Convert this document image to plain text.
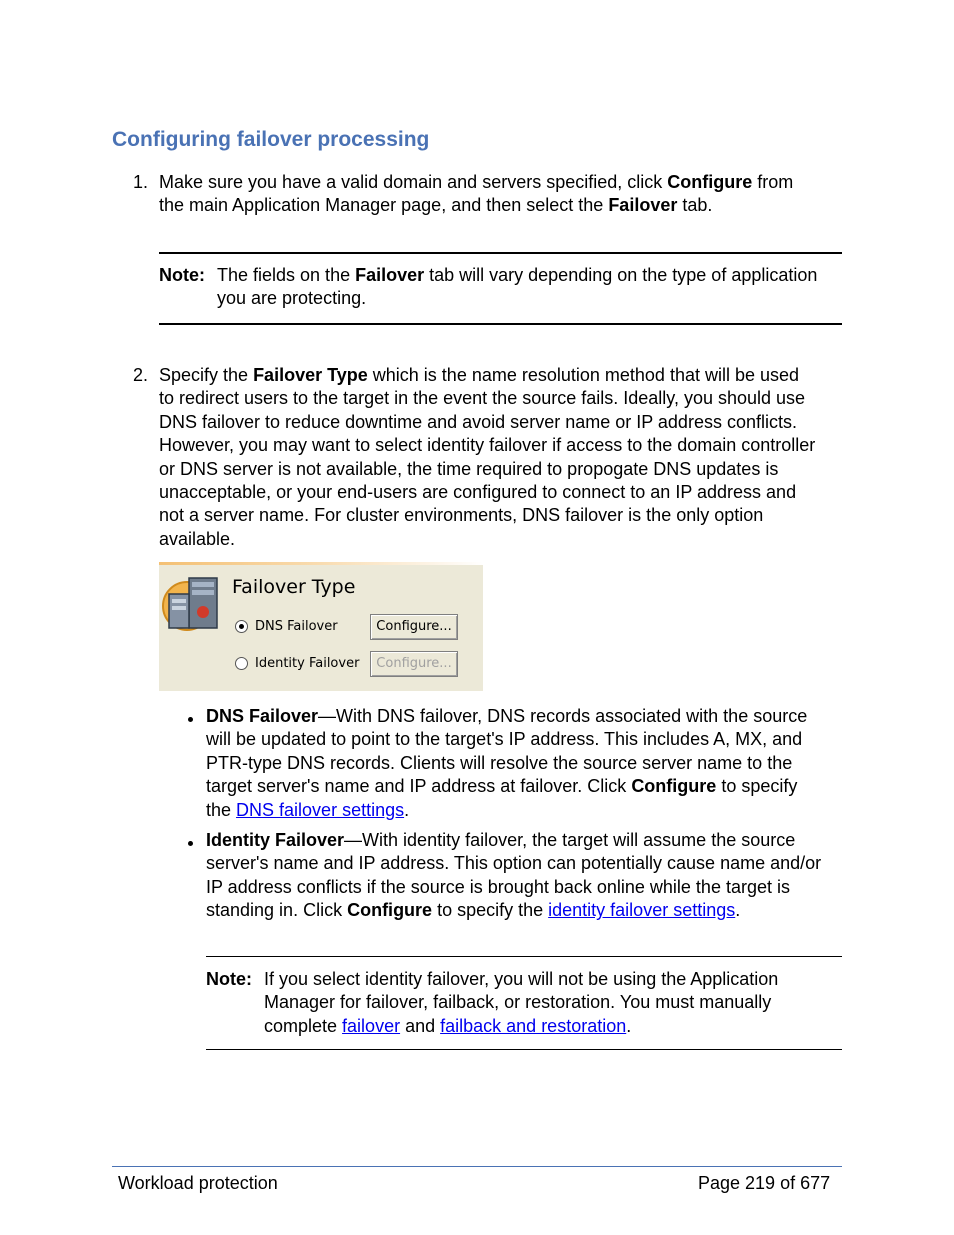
Configuring failover processing
1. Make sure you have a valid domain and servers specified, click Configure from
the main Application Manager page, and then select the Failover tab.
Note: The fields on the Failover tab will vary depending on the type of application
you are protecting.
2. Specify the Failover Type which is the name resolution method that will be used
to redirect users to the target in the event the source fails. Ideally, you should use
DNS failover to reduce downtime and avoid server name or IP address conflicts.
However, you may want to select identity failover if access to the domain controller
or DNS server is not available, the time required to propogate DNS updates is
unacceptable, or your end-users are configured to connect to an IP address and
not a server name. For cluster environments, DNS failover is the only option
available.
Failover Type
DNS Failover	Configure...
Identity Failover	Configure...
DNS Failover—With DNS failover, DNS records associated with the source
will be updated to point to the target's IP address. This includes A, MX, and
PTR-type DNS records. Clients will resolve the source server name to the
target server's name and IP address at failover. Click Configure to specify
the DNS failover settings.
Identity Failover—With identity failover, the target will assume the source
server's name and IP address. This option can potentially cause name and/or
IP address conflicts if the source is brought back online while the target is
standing in. Click Configure to specify the identity failover settings.
Note: If you select identity failover, you will not be using the Application
Manager for failover, failback, or restoration. You must manually
complete failover and failback and restoration.
Workload protection	Page 219 of 677
